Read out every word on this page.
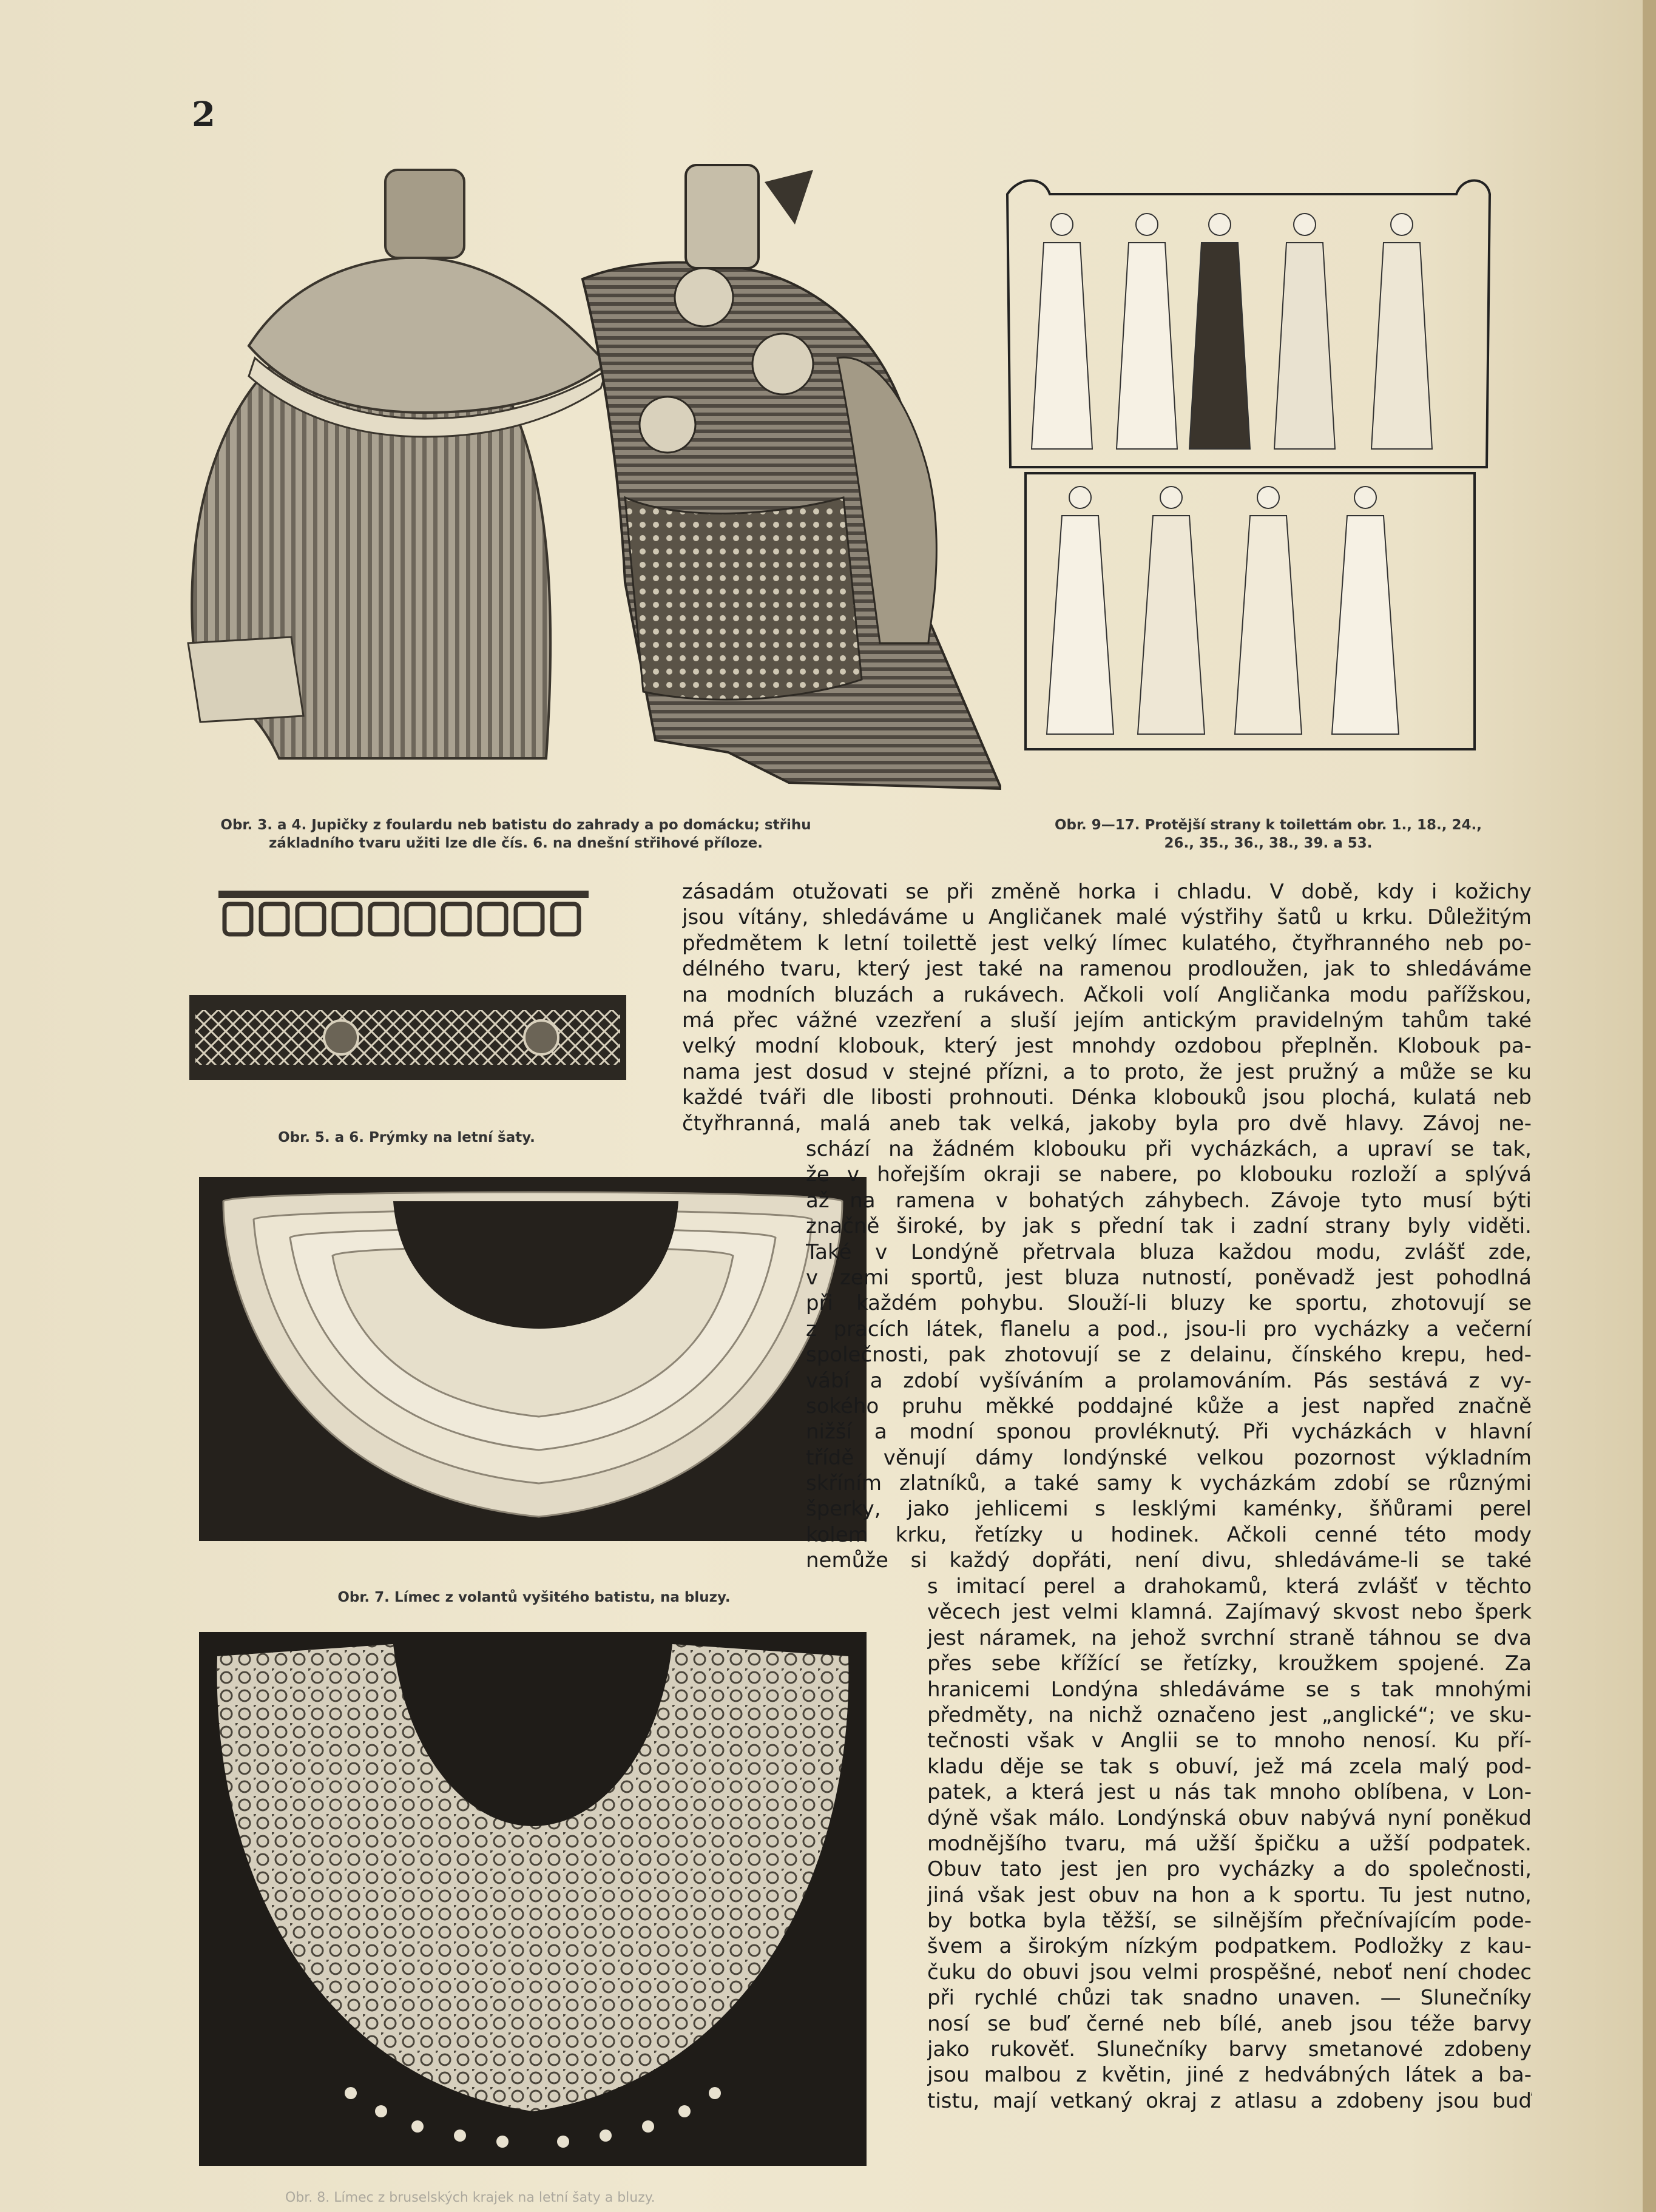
2
Obr. 3. a 4. Jupičky z foulardu neb batistu do zahrady a po domácku; střihu
základního tvaru užiti lze dle čís. 6. na dnešní střihové příloze.
Obr. 9—17. Protější strany k toilettám obr. 1., 18., 24.,
26., 35., 36., 38., 39. a 53.
Obr. 5. a 6. Prýmky na letní šaty.
Obr. 7. Límec z volantů vyšitého batistu, na bluzy.
Obr. 8. Límec z bruselských krajek na letní šaty a bluzy.
zásadám otužovati se při změně horka i chladu. V době, kdy i kožichy
jsou vítány, shledáváme u Angličanek malé výstřihy šatů u krku. Důležitým
předmětem k letní toilettě jest velký límec kulatého, čtyřhranného neb po-
délného tvaru, který jest také na ramenou prodloužen, jak to shledáváme
na modních bluzách a rukávech. Ačkoli volí Angličanka modu pařížskou,
má přec vážné vzezření a sluší jejím antickým pravidelným tahům také
velký modní klobouk, který jest mnohdy ozdobou přeplněn. Klobouk pa-
nama jest dosud v stejné přízni, a to proto, že jest pružný a může se ku
každé tváři dle libosti prohnouti. Dénka klobouků jsou plochá, kulatá neb
čtyřhranná, malá aneb tak velká, jakoby byla pro dvě hlavy. Závoj ne-
schází na žádném klobouku při vycházkách, a upraví se tak,
že v hořejším okraji se nabere, po klobouku rozloží a splývá
až na ramena v bohatých záhybech. Závoje tyto musí býti
značně široké, by jak s přední tak i zadní strany byly viděti.
Také v Londýně přetrvala bluza každou modu, zvlášť zde,
v zemi sportů, jest bluza nutností, poněvadž jest pohodlná
při každém pohybu. Slouží-li bluzy ke sportu, zhotovují se
z pracích látek, flanelu a pod., jsou-li pro vycházky a večerní
společnosti, pak zhotovují se z delainu, čínského krepu, hed-
vábí a zdobí vyšíváním a prolamováním. Pás sestává z vy-
sokého pruhu měkké poddajné kůže a jest napřed značně
nižší a modní sponou provléknutý. Při vycházkách v hlavní
třídě věnují dámy londýnské velkou pozornost výkladním
skříním zlatníků, a také samy k vycházkám zdobí se různými
šperky, jako jehlicemi s lesklými kaménky, šňůrami perel
kolem krku, řetízky u hodinek. Ačkoli cenné této mody
nemůže si každý dopřáti, není divu, shledáváme-li se také
s imitací perel a drahokamů, která zvlášť v těchto
věcech jest velmi klamná. Zajímavý skvost nebo šperk
jest náramek, na jehož svrchní straně táhnou se dva
přes sebe křížící se řetízky, kroužkem spojené. Za
hranicemi Londýna shledáváme se s tak mnohými
předměty, na nichž označeno jest „anglické“; ve sku-
tečnosti však v Anglii se to mnoho nenosí. Ku pří-
kladu děje se tak s obuví, jež má zcela malý pod-
patek, a která jest u nás tak mnoho oblíbena, v Lon-
dýně však málo. Londýnská obuv nabývá nyní poněkud
modnějšího tvaru, má užší špičku a užší podpatek.
Obuv tato jest jen pro vycházky a do společnosti,
jiná však jest obuv na hon a k sportu. Tu jest nutno,
by botka byla těžší, se silnějším přečnívajícím pode-
švem a širokým nízkým podpatkem. Podložky z kau-
čuku do obuvi jsou velmi prospěšné, neboť není chodec
při rychlé chůzi tak snadno unaven. — Slunečníky
nosí se buď černé neb bílé, aneb jsou téže barvy
jako rukověť. Slunečníky barvy smetanové zdobeny
jsou malbou z květin, jiné z hedvábných látek a ba-
tistu, mají vetkaný okraj z atlasu a zdobeny jsou buď
